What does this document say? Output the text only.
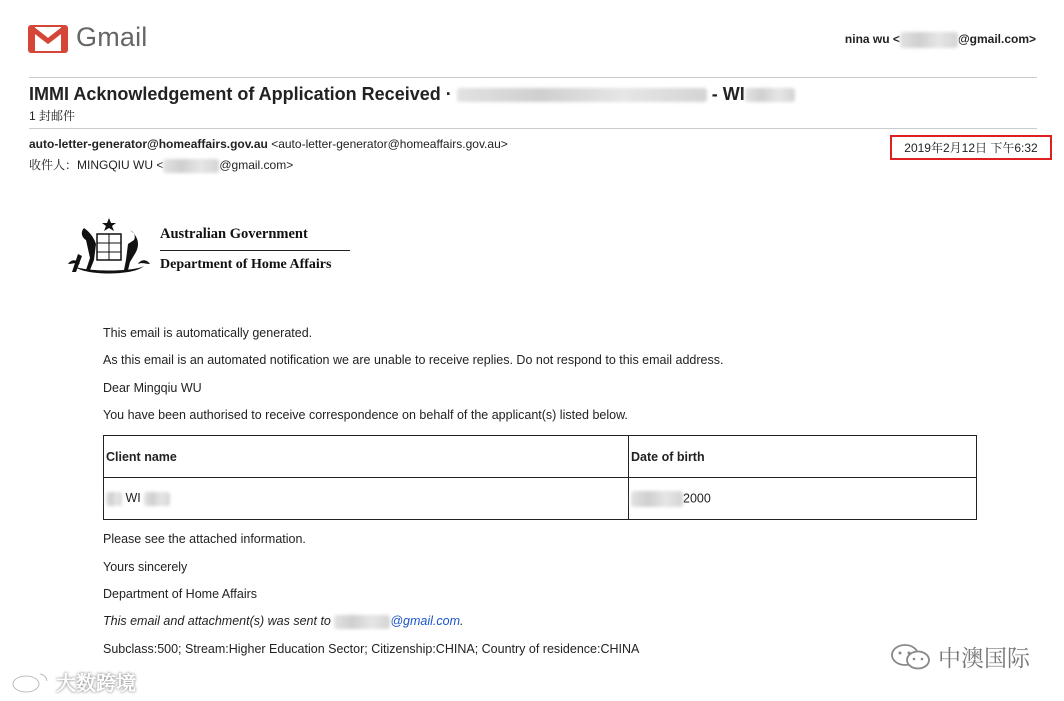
Gmail	nina wu <	@gmail.com>
IMMI Acknowledgement of Application Received ·	- WI
1 封邮件
auto-letter-generator@homeaffairs.gov.au <auto-letter-generator@homeaffairs.gov.au>
收件人：MINGQIU WU <	@gmail.com>
2019年2月12日 下午6:32
Australian Government
Department of Home Affairs
This email is automatically generated.
As this email is an automated notification we are unable to receive replies. Do not respond to this email address.
Dear Mingqiu WU
You have been authorised to receive correspondence on behalf of the applicant(s) listed below.
Client name	Date of birth
WI	2000
Please see the attached information.
Yours sincerely
Department of Home Affairs
This email and attachment(s) was sent to	@gmail.com.
Subclass:500; Stream:Higher Education Sector; Citizenship:CHINA; Country of residence:CHINA	中澳国际
大数跨境
